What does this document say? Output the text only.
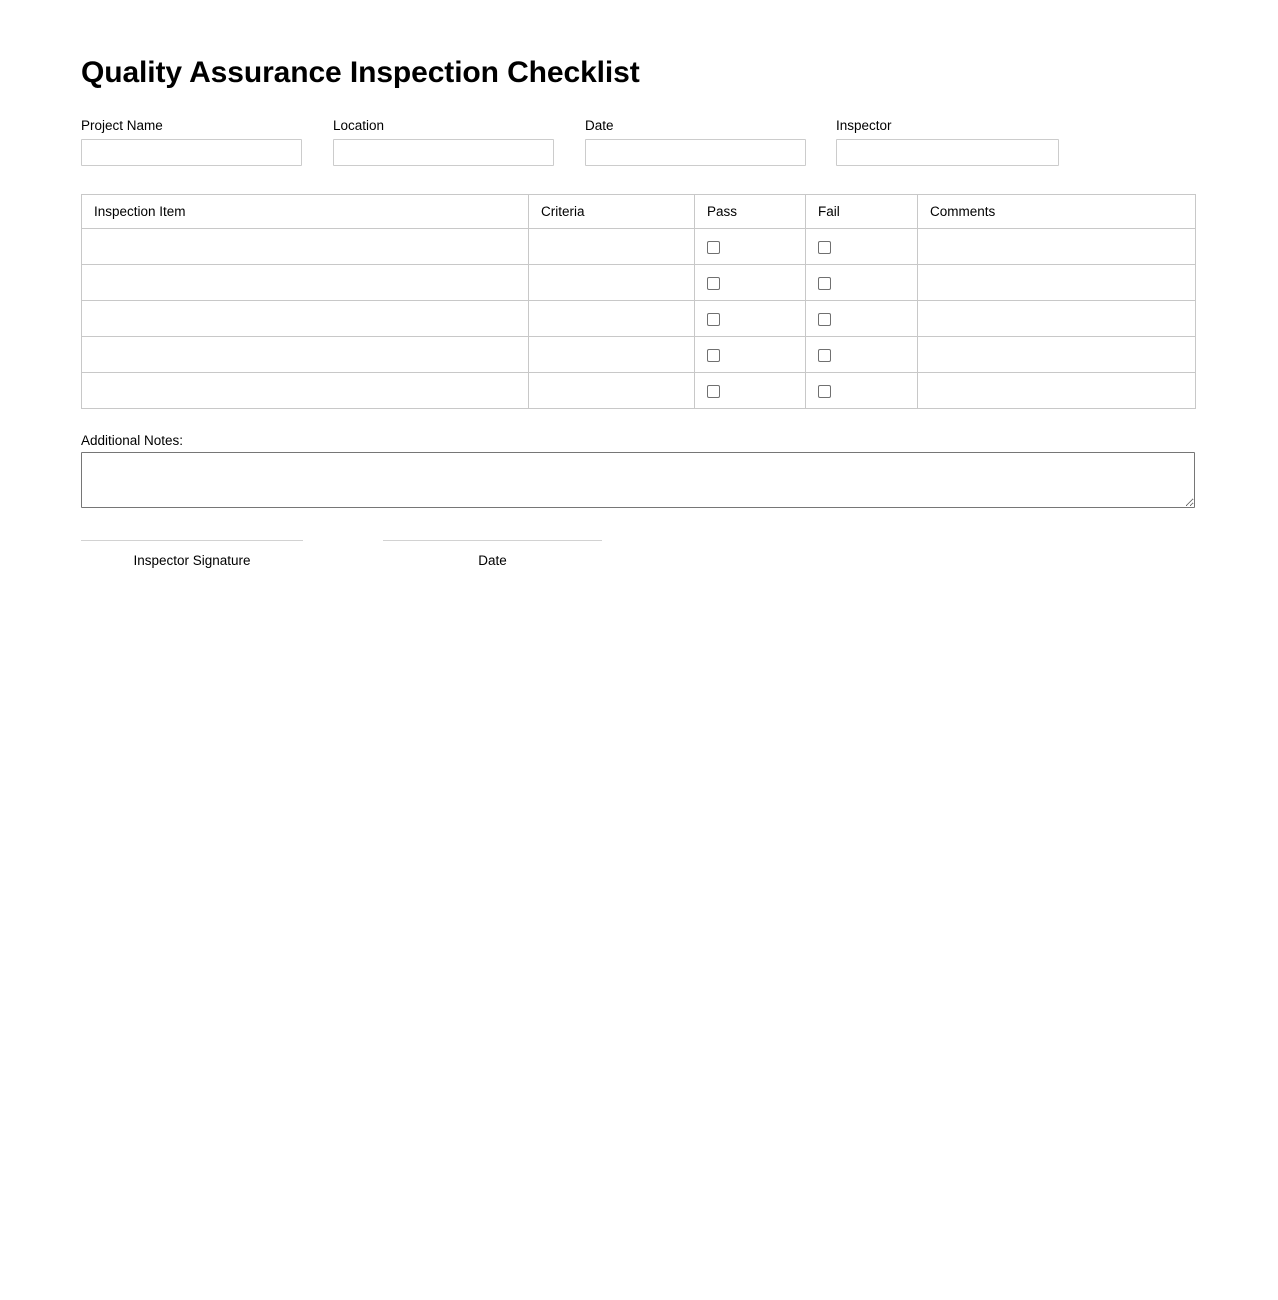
Quality Assurance Inspection Checklist
Project Name	Location	Date	Inspector
Inspection Item	Criteria	Pass	Fail	Comments

Additional Notes:
Inspector Signature	Date
